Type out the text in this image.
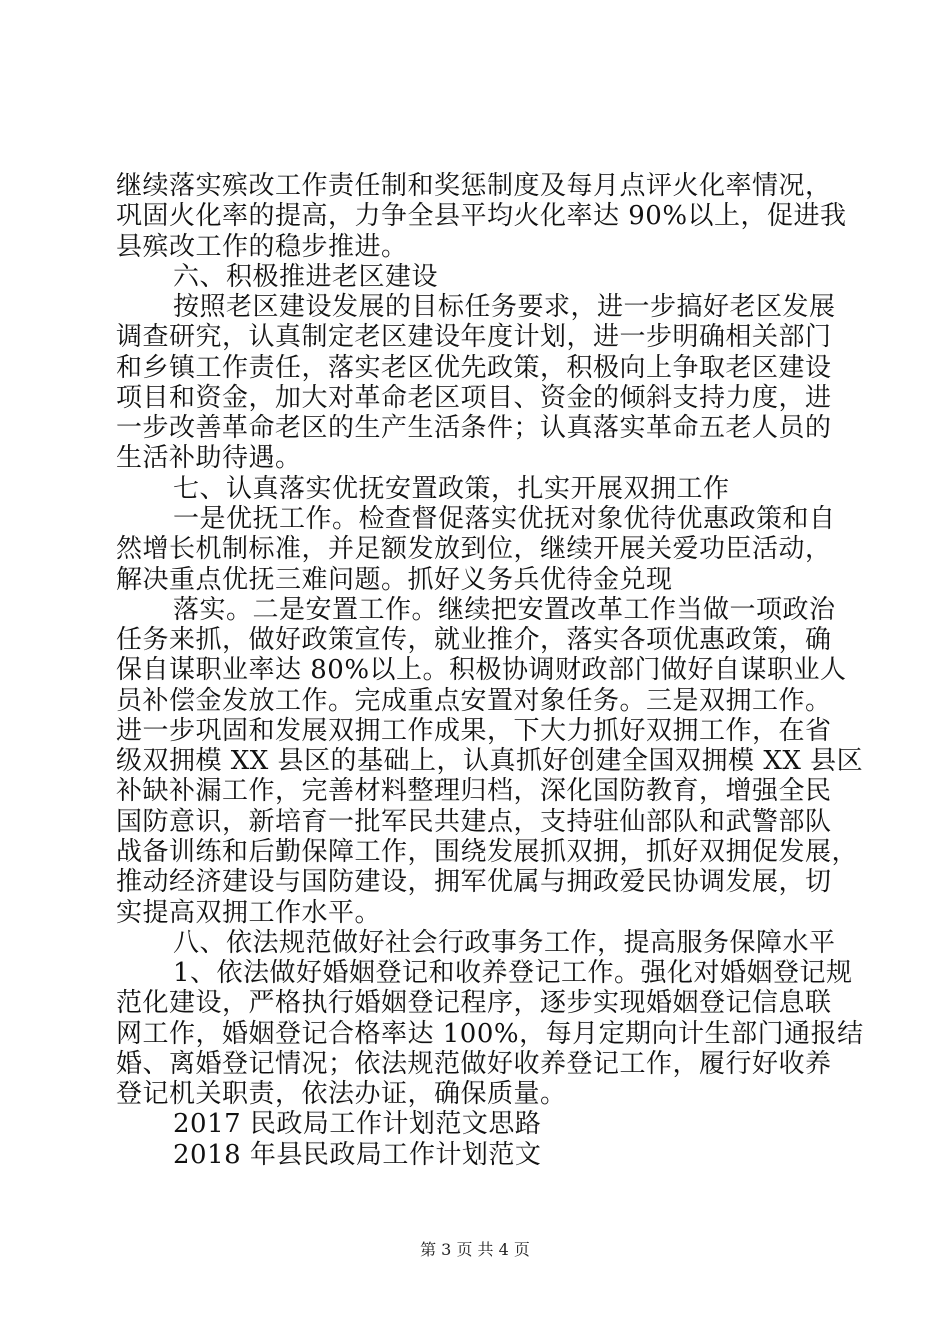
继续落实殡改工作责任制和奖惩制度及每月点评火化率情况，
巩固火化率的提高，力争全县平均火化率达 90%以上，促进我
县殡改工作的稳步推进。
六、积极推进老区建设
按照老区建设发展的目标任务要求，进一步搞好老区发展
调查研究，认真制定老区建设年度计划，进一步明确相关部门
和乡镇工作责任，落实老区优先政策，积极向上争取老区建设
项目和资金，加大对革命老区项目、资金的倾斜支持力度，进
一步改善革命老区的生产生活条件；认真落实革命五老人员的
生活补助待遇。
七、认真落实优抚安置政策，扎实开展双拥工作
一是优抚工作。检查督促落实优抚对象优待优惠政策和自
然增长机制标准，并足额发放到位，继续开展关爱功臣活动，
解决重点优抚三难问题。抓好义务兵优待金兑现
落实。二是安置工作。继续把安置改革工作当做一项政治
任务来抓，做好政策宣传，就业推介，落实各项优惠政策，确
保自谋职业率达 80%以上。积极协调财政部门做好自谋职业人
员补偿金发放工作。完成重点安置对象任务。三是双拥工作。
进一步巩固和发展双拥工作成果，下大力抓好双拥工作，在省
级双拥模 XX 县区的基础上，认真抓好创建全国双拥模 XX 县区
补缺补漏工作，完善材料整理归档，深化国防教育，增强全民
国防意识，新培育一批军民共建点，支持驻仙部队和武警部队
战备训练和后勤保障工作，围绕发展抓双拥，抓好双拥促发展，
推动经济建设与国防建设，拥军优属与拥政爱民协调发展，切
实提高双拥工作水平。
八、依法规范做好社会行政事务工作，提高服务保障水平
1、依法做好婚姻登记和收养登记工作。强化对婚姻登记规
范化建设，严格执行婚姻登记程序，逐步实现婚姻登记信息联
网工作，婚姻登记合格率达 100%，每月定期向计生部门通报结
婚、离婚登记情况；依法规范做好收养登记工作，履行好收养
登记机关职责，依法办证，确保质量。
2017 民政局工作计划范文思路
2018 年县民政局工作计划范文
第 3 页 共 4 页
